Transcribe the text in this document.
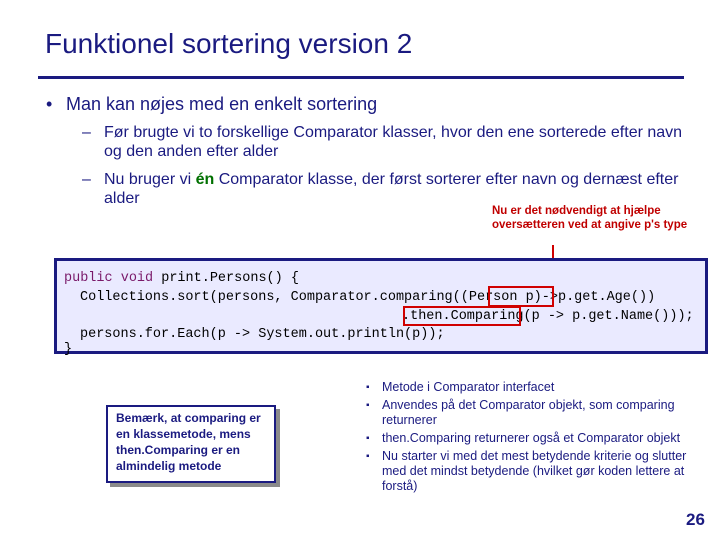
Funktionel sortering version 2
• Man kan nøjes med en enkelt sortering
– Før brugte vi to forskellige Comparator klasser, hvor den ene sorterede efter navn og den anden efter alder
– Nu bruger vi én Comparator klasse, der først sorterer efter navn og dernæst efter alder
Nu er det nødvendigt at hjælpe oversætteren ved at angive p's type
public void print.Persons() {
Collections.sort(persons, Comparator.comparing((Person p)->p.get.Age())
.then.Comparing(p -> p.get.Name()));
persons.for.Each(p -> System.out.println(p));
}
Bemærk, at comparing er en klassemetode, mens then.Comparing er en almindelig metode
▪ Metode i Comparator interfacet
▪ Anvendes på det Comparator objekt, som comparing returnerer
▪ then.Comparing returnerer også et Comparator objekt
▪ Nu starter vi med det mest betydende kriterie og slutter med det mindst betydende (hvilket gør koden lettere at forstå)
26
